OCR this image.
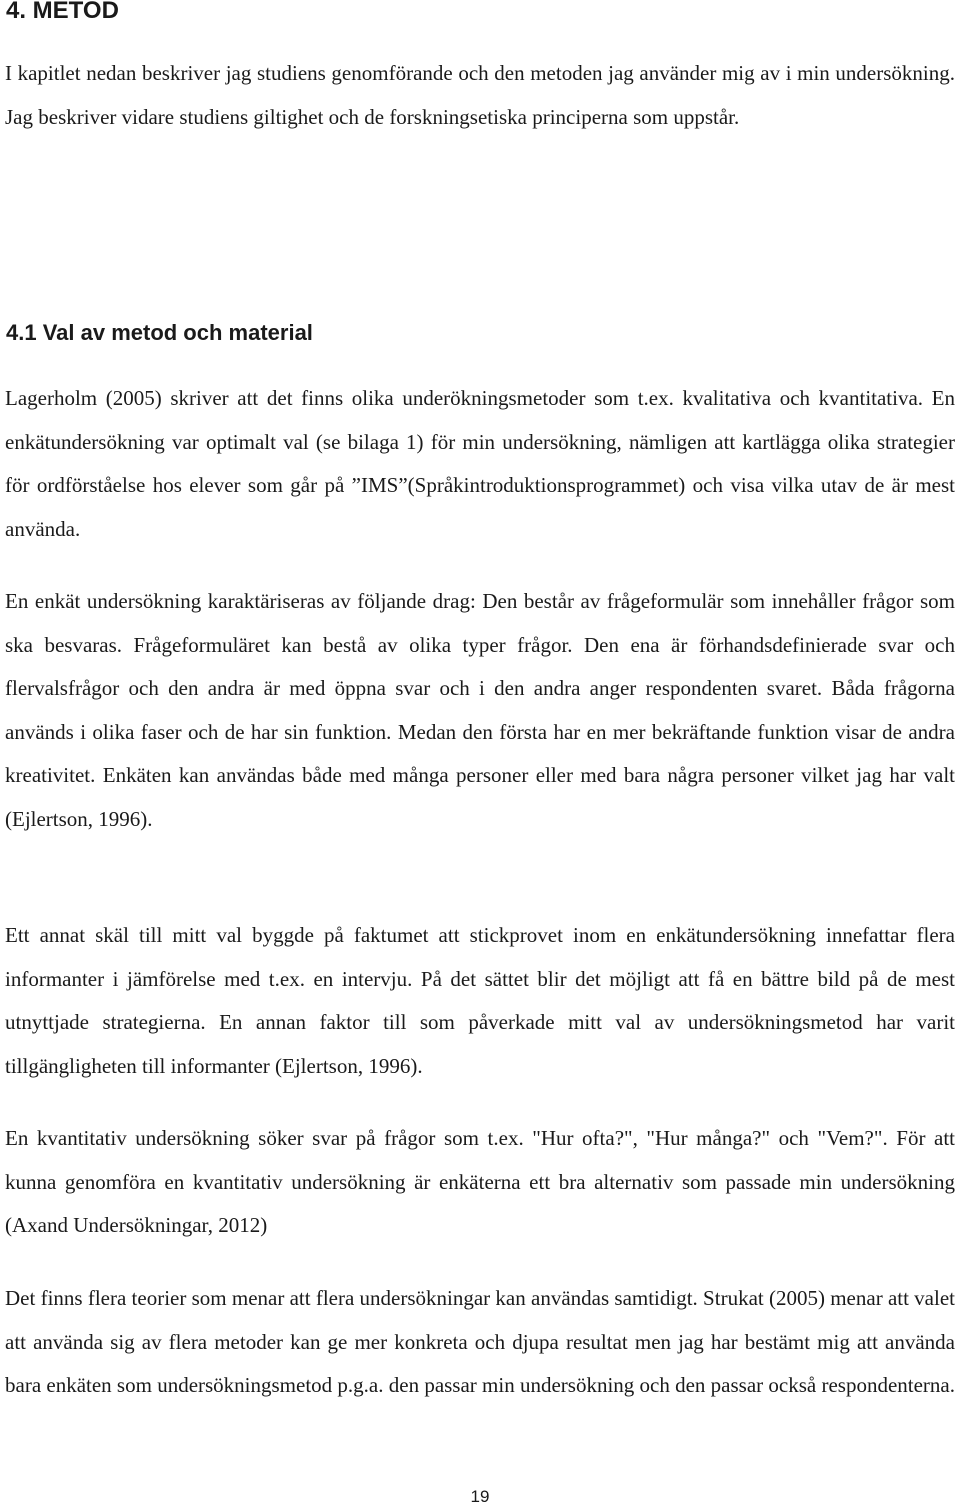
4. METOD

I kapitlet nedan beskriver jag studiens genomförande och den metoden jag använder mig av i min undersökning. Jag beskriver vidare studiens giltighet och de forskningsetiska principerna som uppstår.

4.1 Val av metod och material

Lagerholm (2005) skriver att det finns olika underökningsmetoder som t.ex. kvalitativa och kvantitativa. En enkätundersökning var optimalt val (se bilaga 1) för min undersökning, nämligen att kartlägga olika strategier för ordförståelse hos elever som går på ”IMS”(Språkintroduktionsprogrammet) och visa vilka utav de är mest använda.

En enkät undersökning karaktäriseras av följande drag: Den består av frågeformulär som innehåller frågor som ska besvaras. Frågeformuläret kan bestå av olika typer frågor. Den ena är förhandsdefinierade svar och flervalsfrågor och den andra är med öppna svar och i den andra anger respondenten svaret. Båda frågorna används i olika faser och de har sin funktion. Medan den första har en mer bekräftande funktion visar de andra kreativitet. Enkäten kan användas både med många personer eller med bara några personer vilket jag har valt (Ejlertson, 1996).

Ett annat skäl till mitt val byggde på faktumet att stickprovet inom en enkätundersökning innefattar flera informanter i jämförelse med t.ex. en intervju. På det sättet blir det möjligt att få en bättre bild på de mest utnyttjade strategierna. En annan faktor till som påverkade mitt val av undersökningsmetod har varit tillgängligheten till informanter (Ejlertson, 1996).

En kvantitativ undersökning söker svar på frågor som t.ex. "Hur ofta?", "Hur många?" och "Vem?". För att kunna genomföra en kvantitativ undersökning är enkäterna ett bra alternativ som passade min undersökning (Axand Undersökningar, 2012)

Det finns flera teorier som menar att flera undersökningar kan användas samtidigt. Strukat (2005) menar att valet att använda sig av flera metoder kan ge mer konkreta och djupa resultat men jag har bestämt mig att använda bara enkäten som undersökningsmetod p.g.a. den passar min undersökning och den passar också respondenterna.

19
